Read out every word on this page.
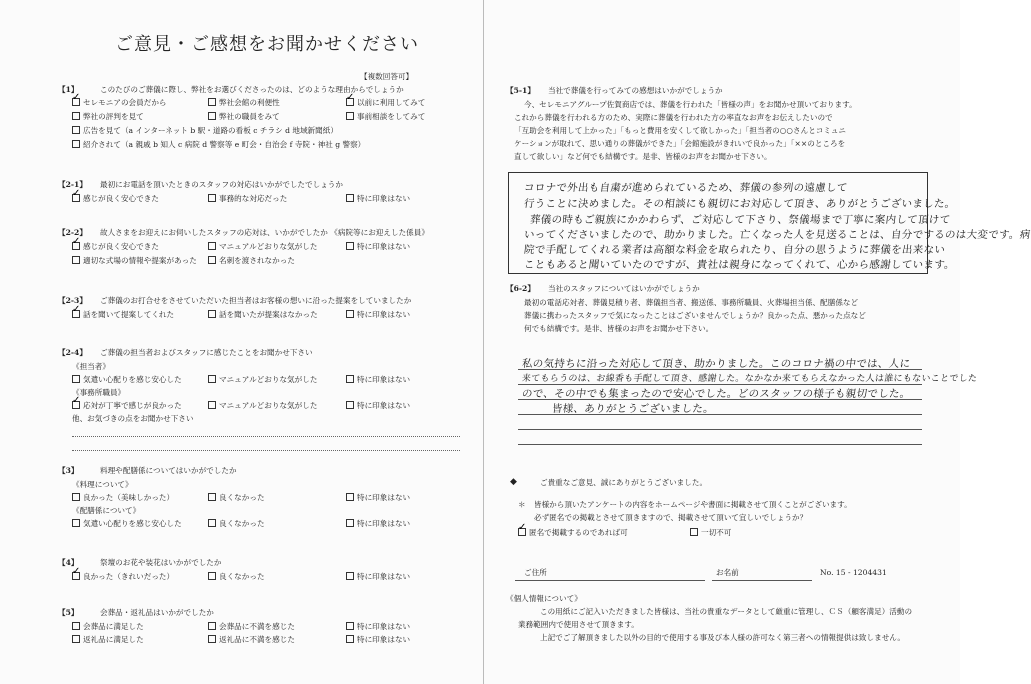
ご意見・ご感想をお聞かせください
【複数回答可】
【1】	このたびのご葬儀に際し、弊社をお選びくださったのは、どのような理由からでしょうか
✓セレモニアの会員だから	弊社会館の利便性
✓	以前に利用してみて
弊社の評判を見て	弊社の職員をみて	事前相談をしてみて
広告を見て（a インターネット b 駅・道路の看板 c チラシ d 地域新聞紙）
紹介されて（a 親戚 b 知人 c 病院 d 警察等 e 町会・自治会 f 寺院・神社 g 警察）
【2-1】 最初にお電話を頂いたときのスタッフの対応はいかがでしたでしょうか
✓感じが良く安心できた	事務的な対応だった	特に印象はない
【2-2】 故人さまをお迎えにお伺いしたスタッフの応対は、いかがでしたか 《病院等にお迎えした係員》
✓感じが良く安心できた	マニュアルどおりな気がした	特に印象はない
適切な式場の情報や提案があった	名刺を渡されなかった
【2-3】 ご葬儀のお打合せをさせていただいた担当者はお客様の想いに沿った提案をしていましたか
✓話を聞いて提案してくれた	話を聞いたが提案はなかった	特に印象はない
【2-4】 ご葬儀の担当者およびスタッフに感じたことをお聞かせ下さい
《担当者》
気遣い心配りを感じ安心した	マニュアルどおりな気がした	特に印象はない
《事務所職員》
✓応対が丁寧で感じが良かった	マニュアルどおりな気がした	特に印象はない
他、お気づきの点をお聞かせ下さい
【3】	料理や配膳係についてはいかがでしたか
《料理について》
良かった（美味しかった）	良くなかった	特に印象はない
《配膳係について》
気遣い心配りを感じ安心した	良くなかった	特に印象はない
【4】	祭壇のお花や装花はいかがでしたか
✓良かった（きれいだった）	良くなかった	特に印象はない
【5】	会葬品・返礼品はいかがでしたか
会葬品に満足した	会葬品に不満を感じた	特に印象はない
返礼品に満足した	返礼品に不満を感じた	特に印象はない
【5-1】 当社で葬儀を行ってみての感想はいかがでしょうか
今、セレモニアグループ佐賀商店では、葬儀を行われた「皆様の声」をお聞かせ頂いております。
これから葬儀を行われる方のため、実際に葬儀を行われた方の率直なお声をお伝えしたいので
「互助会を利用して上かった」「もっと費用を安くして欲しかった」「担当者の○○さんとコミュニ
ケーションが取れて、思い通りの葬儀ができた」「会館施設がきれいで良かった」「××のところを
直して欲しい」など何でも結構です。是非、皆様のお声をお聞かせ下さい。
コロナで外出も自粛が進められているため、葬儀の参列の遠慮して
行うことに決めました。その相談にも親切にお対応して頂き、ありがとうございました。
葬儀の時もご親族にかかわらず、ご対応して下さり、祭儀場まで丁寧に案内して頂けて
いってくださいましたので、助かりました。亡くなった人を見送ることは、自分でするのは大変です。病
院で手配してくれる業者は高額な料金を取られたり、自分の思うように葬儀を出来ない
こともあると聞いていたのですが、貴社は親身になってくれて、心から感謝しています。
【6-2】 当社のスタッフについてはいかがでしょうか
最初の電話応対者、葬儀見積り者、葬儀担当者、搬送係、事務所職員、火葬場担当係、配膳係など
葬儀に携わったスタッフで気になったことはございませんでしょうか？良かった点、悪かった点など
何でも結構です。是非、皆様のお声をお聞かせ下さい。
私の気持ちに沿った対応して頂き、助かりました。このコロナ禍の中では、人に
来てもらうのは、お線香も手配して頂き、感謝した。なかなか来てもらえなかった人は誰にもないことでした
ので、その中でも集まったので安心でした。どのスタッフの様子も親切でした。
皆様、ありがとうございました。
◆	ご貴重なご意見、誠にありがとうございました。
＊ 皆様から頂いたアンケートの内容をホームページや書面に掲載させて頂くことがございます。
必ず匿名での掲載とさせて頂きますので、掲載させて頂いて宜しいでしょうか？
✓匿名で掲載するのであれば可	一切不可
ご住所	お名前	No. 15 - 1204431
《個人情報について》
この用紙にご記入いただきました皆様は、当社の貴重なデータとして厳重に管理し、ＣＳ（顧客満足）活動の
業務範囲内で使用させて頂きます。
上記でご了解頂きました以外の目的で使用する事及び本人様の許可なく第三者への情報提供は致しません。
